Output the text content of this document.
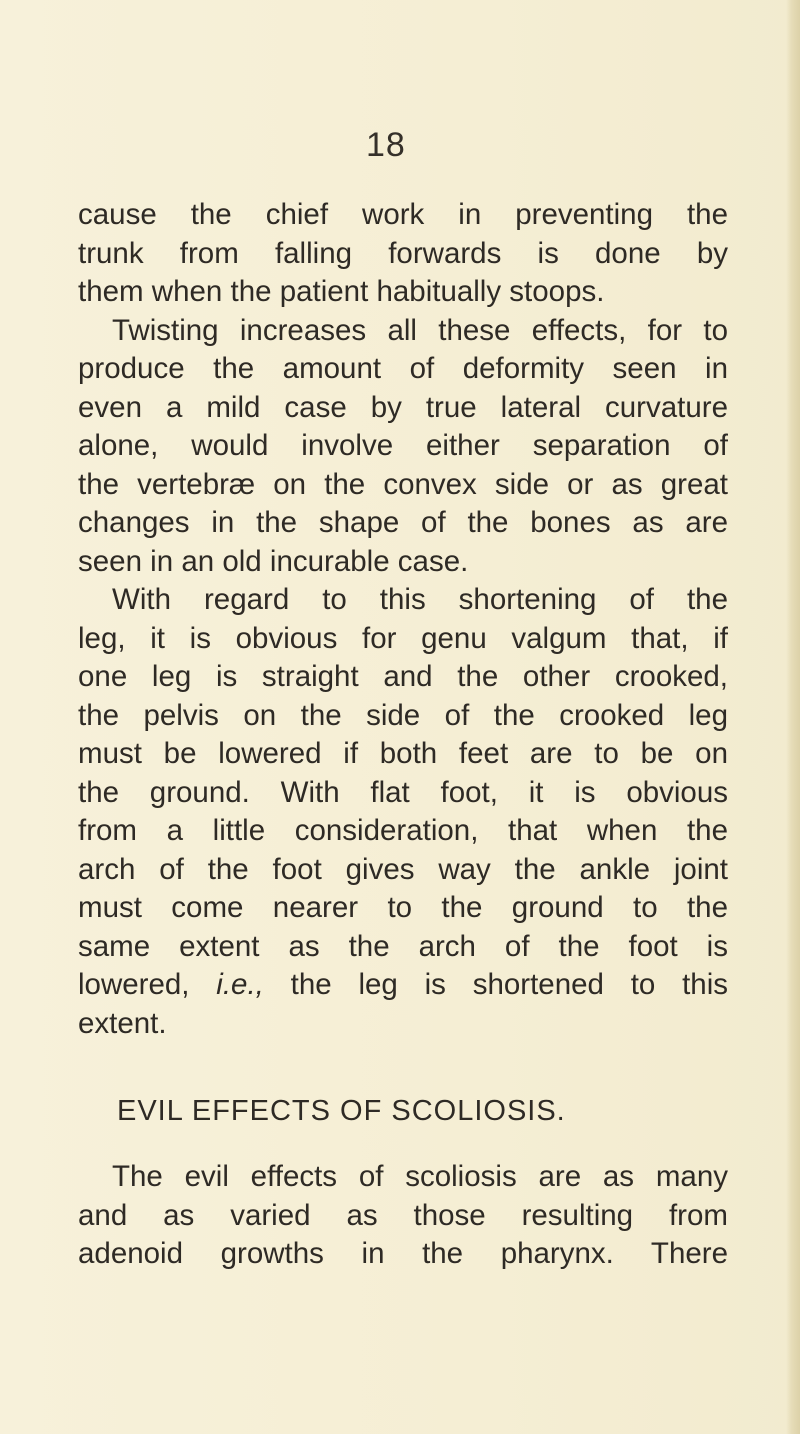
18
cause the chief work in preventing the
trunk from falling forwards is done by
them when the patient habitually stoops.
Twisting increases all these effects, for to
produce the amount of deformity seen in
even a mild case by true lateral curvature
alone, would involve either separation of
the vertebræ on the convex side or as great
changes in the shape of the bones as are
seen in an old incurable case.
With regard to this shortening of the
leg, it is obvious for genu valgum that, if
one leg is straight and the other crooked,
the pelvis on the side of the crooked leg
must be lowered if both feet are to be on
the ground. With flat foot, it is obvious
from a little consideration, that when the
arch of the foot gives way the ankle joint
must come nearer to the ground to the
same extent as the arch of the foot is
lowered, i.e., the leg is shortened to this
extent.
EVIL EFFECTS OF SCOLIOSIS.
The evil effects of scoliosis are as many
and as varied as those resulting from
adenoid growths in the pharynx. There
